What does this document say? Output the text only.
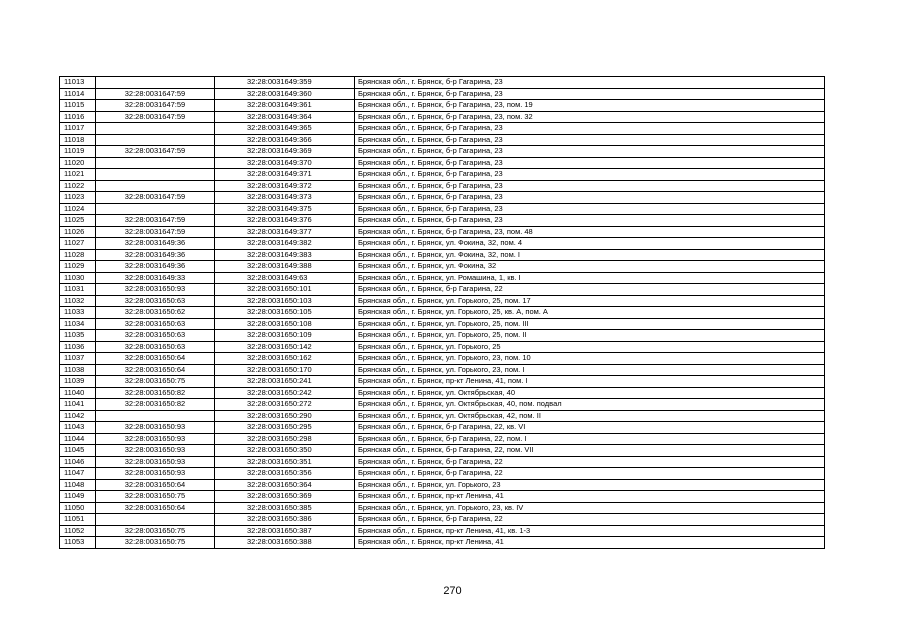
11013		32:28:0031649:359	Брянская обл., г. Брянск, б-р Гагарина, 23
11014	32:28:0031647:59	32:28:0031649:360	Брянская обл., г. Брянск, б-р Гагарина, 23
11015	32:28:0031647:59	32:28:0031649:361	Брянская обл., г. Брянск, б-р Гагарина, 23, пом. 19
11016	32:28:0031647:59	32:28:0031649:364	Брянская обл., г. Брянск, б-р Гагарина, 23, пом. 32
11017		32:28:0031649:365	Брянская обл., г. Брянск, б-р Гагарина, 23
11018		32:28:0031649:366	Брянская обл., г. Брянск, б-р Гагарина, 23
11019	32:28:0031647:59	32:28:0031649:369	Брянская обл., г. Брянск, б-р Гагарина, 23
11020		32:28:0031649:370	Брянская обл., г. Брянск, б-р Гагарина, 23
11021		32:28:0031649:371	Брянская обл., г. Брянск, б-р Гагарина, 23
11022		32:28:0031649:372	Брянская обл., г. Брянск, б-р Гагарина, 23
11023	32:28:0031647:59	32:28:0031649:373	Брянская обл., г. Брянск, б-р Гагарина, 23
11024		32:28:0031649:375	Брянская обл., г. Брянск, б-р Гагарина, 23
11025	32:28:0031647:59	32:28:0031649:376	Брянская обл., г. Брянск, б-р Гагарина, 23
11026	32:28:0031647:59	32:28:0031649:377	Брянская обл., г. Брянск, б-р Гагарина, 23, пом. 48
11027	32:28:0031649:36	32:28:0031649:382	Брянская обл., г. Брянск, ул. Фокина, 32, пом. 4
11028	32:28:0031649:36	32:28:0031649:383	Брянская обл., г. Брянск, ул. Фокина, 32, пом. I
11029	32:28:0031649:36	32:28:0031649:388	Брянская обл., г. Брянск, ул. Фокина, 32
11030	32:28:0031649:33	32:28:0031649:63	Брянская обл., г. Брянск, ул. Ромашина, 1, кв. I
11031	32:28:0031650:93	32:28:0031650:101	Брянская обл., г. Брянск, б-р Гагарина, 22
11032	32:28:0031650:63	32:28:0031650:103	Брянская обл., г. Брянск, ул. Горького, 25, пом. 17
11033	32:28:0031650:62	32:28:0031650:105	Брянская обл., г. Брянск, ул. Горького, 25, кв. А, пом. А
11034	32:28:0031650:63	32:28:0031650:108	Брянская обл., г. Брянск, ул. Горького, 25, пом. III
11035	32:28:0031650:63	32:28:0031650:109	Брянская обл., г. Брянск, ул. Горького, 25, пом. II
11036	32:28:0031650:63	32:28:0031650:142	Брянская обл., г. Брянск, ул. Горького, 25
11037	32:28:0031650:64	32:28:0031650:162	Брянская обл., г. Брянск, ул. Горького, 23, пом. 10
11038	32:28:0031650:64	32:28:0031650:170	Брянская обл., г. Брянск, ул. Горького, 23, пом. I
11039	32:28:0031650:75	32:28:0031650:241	Брянская обл., г. Брянск, пр-кт Ленина, 41, пом. I
11040	32:28:0031650:82	32:28:0031650:242	Брянская обл., г. Брянск, ул. Октябрьская, 40
11041	32:28:0031650:82	32:28:0031650:272	Брянская обл., г. Брянск, ул. Октябрьская, 40, пом. подвал
11042		32:28:0031650:290	Брянская обл., г. Брянск, ул. Октябрьская, 42, пом. II
11043	32:28:0031650:93	32:28:0031650:295	Брянская обл., г. Брянск, б-р Гагарина, 22, кв. VI
11044	32:28:0031650:93	32:28:0031650:298	Брянская обл., г. Брянск, б-р Гагарина, 22, пом. I
11045	32:28:0031650:93	32:28:0031650:350	Брянская обл., г. Брянск, б-р Гагарина, 22, пом. VII
11046	32:28:0031650:93	32:28:0031650:351	Брянская обл., г. Брянск, б-р Гагарина, 22
11047	32:28:0031650:93	32:28:0031650:356	Брянская обл., г. Брянск, б-р Гагарина, 22
11048	32:28:0031650:64	32:28:0031650:364	Брянская обл., г. Брянск, ул. Горького, 23
11049	32:28:0031650:75	32:28:0031650:369	Брянская обл., г. Брянск, пр-кт Ленина, 41
11050	32:28:0031650:64	32:28:0031650:385	Брянская обл., г. Брянск, ул. Горького, 23, кв. IV
11051		32:28:0031650:386	Брянская обл., г. Брянск, б-р Гагарина, 22
11052	32:28:0031650:75	32:28:0031650:387	Брянская обл., г. Брянск, пр-кт Ленина, 41, кв. 1-3
11053	32:28:0031650:75	32:28:0031650:388	Брянская обл., г. Брянск, пр-кт Ленина, 41
270
